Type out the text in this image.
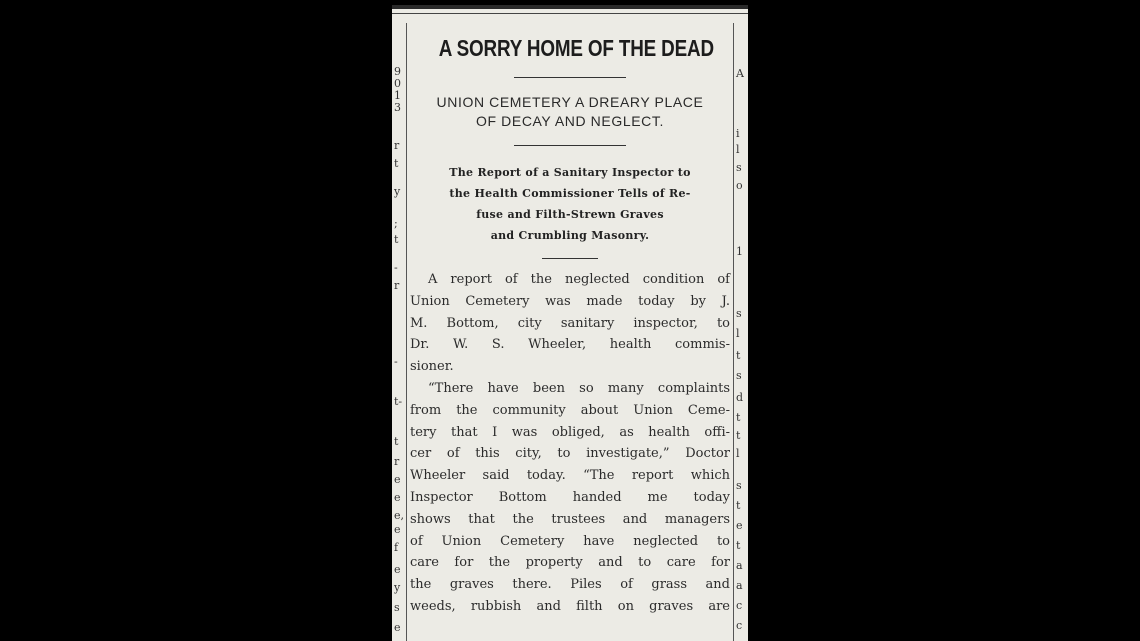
9
0
1
3
r
t
y
;
t
-
r
-
t-
t
r
e
e
e,
e
f
e
y
s
e
A
i
l
s
o
1
s
l
t
s
d
t
t
l
s
t
e
t
a
a
c
c
A SORRY HOME OF THE DEAD
UNION CEMETERY A DREARY PLACE
OF DECAY AND NEGLECT.
The Report of a Sanitary Inspector to
the Health Commissioner Tells of Re-
fuse and Filth-Strewn Graves
and Crumbling Masonry.
A report of the neglected condition of
Union Cemetery was made today by J.
M. Bottom, city sanitary inspector, to
Dr. W. S. Wheeler, health commis-
sioner.
“There have been so many complaints
from the community about Union Ceme-
tery that I was obliged, as health offi-
cer of this city, to investigate,” Doctor
Wheeler said today. “The report which
Inspector Bottom handed me today
shows that the trustees and managers
of Union Cemetery have neglected to
care for the property and to care for
the graves there. Piles of grass and
weeds, rubbish and filth on graves are
